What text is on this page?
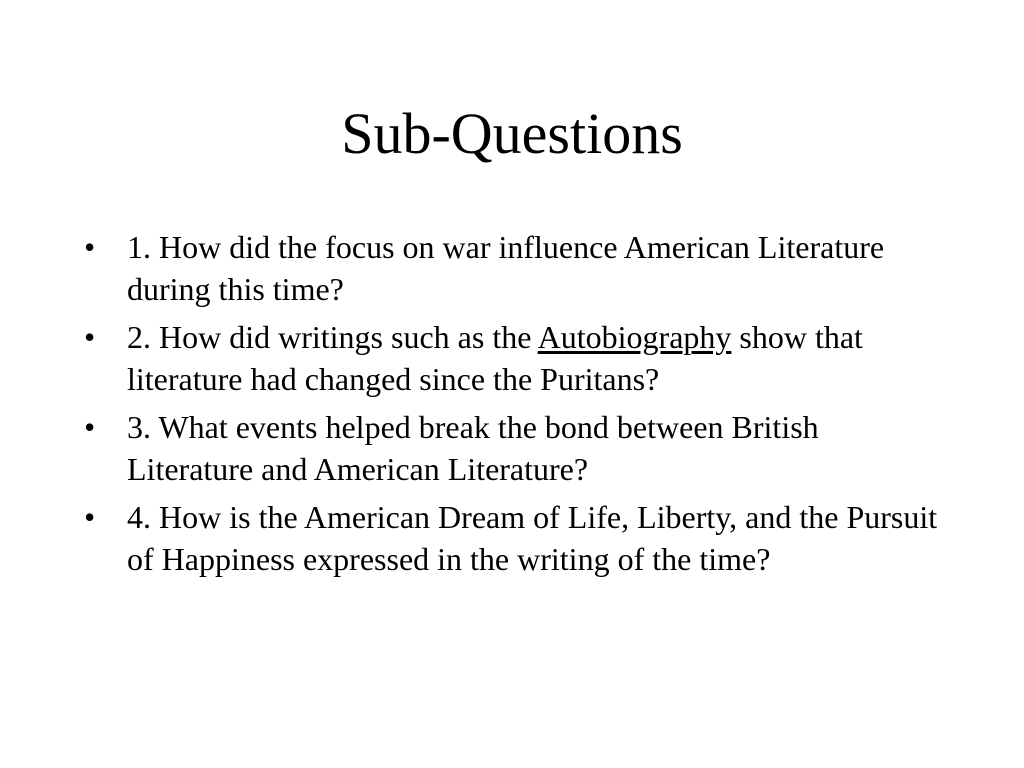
Sub-Questions
• 1. How did the focus on war influence American Literature during this time?
• 2. How did writings such as the Autobiography show that literature had changed since the Puritans?
• 3. What events helped break the bond between British Literature and American Literature?
• 4. How is the American Dream of Life, Liberty, and the Pursuit of Happiness expressed in the writing of the time?
